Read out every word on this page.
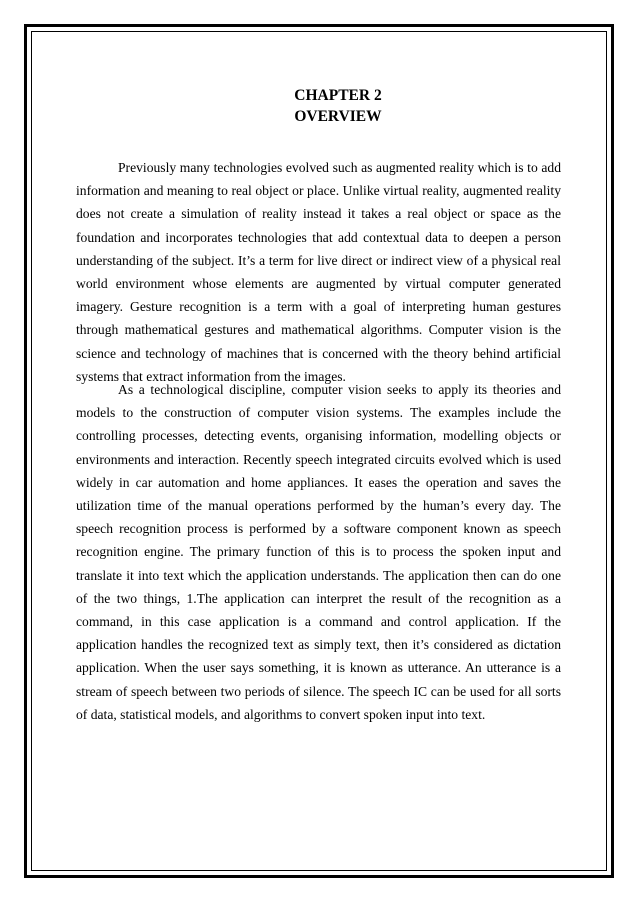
CHAPTER 2
OVERVIEW
Previously many technologies evolved such as augmented reality which is to add information and meaning to real object or place. Unlike virtual reality, augmented reality does not create a simulation of reality instead it takes a real object or space as the foundation and incorporates technologies that add contextual data to deepen a person understanding of the subject. It’s a term for live direct or indirect view of a physical real world environment whose elements are augmented by virtual computer generated imagery. Gesture recognition is a term with a goal of interpreting human gestures through mathematical gestures and mathematical algorithms. Computer vision is the science and technology of machines that is concerned with the theory behind artificial systems that extract information from the images.
As a technological discipline, computer vision seeks to apply its theories and models to the construction of computer vision systems. The examples include the controlling processes, detecting events, organising information, modelling objects or environments and interaction. Recently speech integrated circuits evolved which is used widely in car automation and home appliances. It eases the operation and saves the utilization time of the manual operations performed by the human’s every day. The speech recognition process is performed by a software component known as speech recognition engine. The primary function of this is to process the spoken input and translate it into text which the application understands. The application then can do one of the two things, 1.The application can interpret the result of the recognition as a command, in this case application is a command and control application. If the application handles the recognized text as simply text, then it’s considered as dictation application. When the user says something, it is known as utterance. An utterance is a stream of speech between two periods of silence. The speech IC can be used for all sorts of data, statistical models, and algorithms to convert spoken input into text.
